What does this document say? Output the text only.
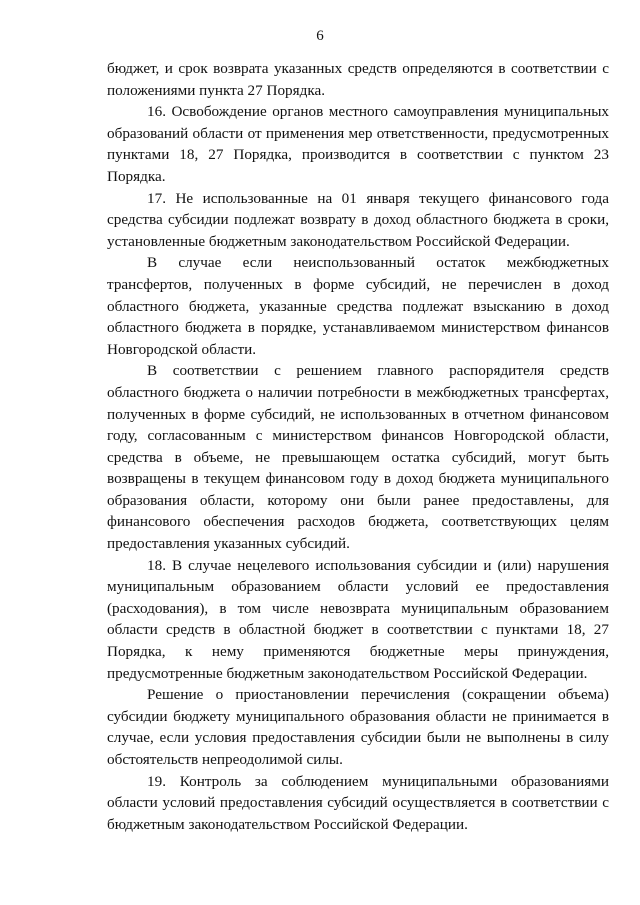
6

бюджет, и срок возврата указанных средств определяются в соответствии с положениями пункта 27 Порядка.

16. Освобождение органов местного самоуправления муниципальных образований области от применения мер ответственности, предусмотренных пунктами 18, 27 Порядка, производится в соответствии с пунктом 23 Порядка.

17. Не использованные на 01 января текущего финансового года средства субсидии подлежат возврату в доход областного бюджета в сроки, установленные бюджетным законодательством Российской Федерации.

В случае если неиспользованный остаток межбюджетных трансфертов, полученных в форме субсидий, не перечислен в доход областного бюджета, указанные средства подлежат взысканию в доход областного бюджета в порядке, устанавливаемом министерством финансов Новгородской области.

В соответствии с решением главного распорядителя средств областного бюджета о наличии потребности в межбюджетных трансфертах, полученных в форме субсидий, не использованных в отчетном финансовом году, согласованным с министерством финансов Новгородской области, средства в объеме, не превышающем остатка субсидий, могут быть возвращены в текущем финансовом году в доход бюджета муниципального образования области, которому они были ранее предоставлены, для финансового обеспечения расходов бюджета, соответствующих целям предоставления указанных субсидий.

18. В случае нецелевого использования субсидии и (или) нарушения муниципальным образованием области условий ее предоставления (расходования), в том числе невозврата муниципальным образованием области средств в областной бюджет в соответствии с пунктами 18, 27 Порядка, к нему применяются бюджетные меры принуждения, предусмотренные бюджетным законодательством Российской Федерации.

Решение о приостановлении перечисления (сокращении объема) субсидии бюджету муниципального образования области не принимается в случае, если условия предоставления субсидии были не выполнены в силу обстоятельств непреодолимой силы.

19. Контроль за соблюдением муниципальными образованиями области условий предоставления субсидий осуществляется в соответствии с бюджетным законодательством Российской Федерации.
